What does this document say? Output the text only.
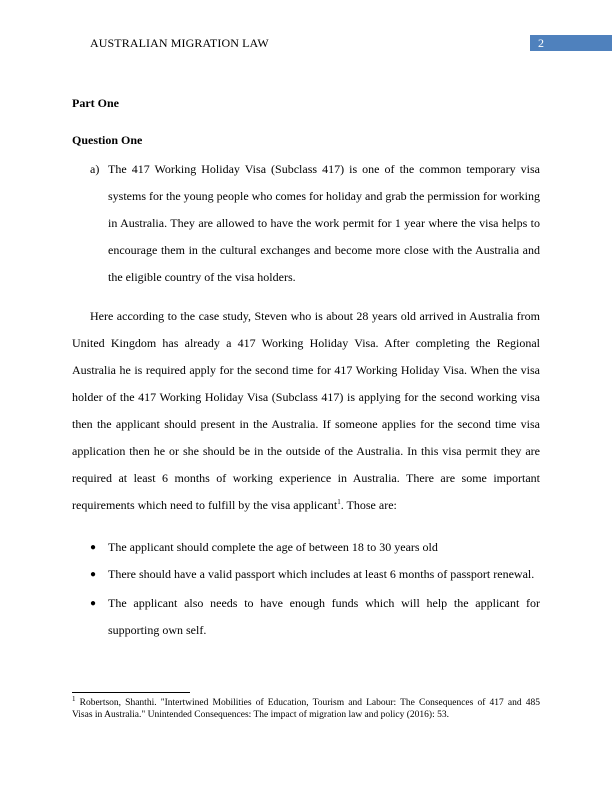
AUSTRALIAN MIGRATION LAW	2
Part One
Question One
a) The 417 Working Holiday Visa (Subclass 417) is one of the common temporary visa
systems for the young people who comes for holiday and grab the permission for working
in Australia. They are allowed to have the work permit for 1 year where the visa helps to
encourage them in the cultural exchanges and become more close with the Australia and
the eligible country of the visa holders.
Here according to the case study, Steven who is about 28 years old arrived in Australia from
United Kingdom has already a 417 Working Holiday Visa. After completing the Regional
Australia he is required apply for the second time for 417 Working Holiday Visa. When the visa
holder of the 417 Working Holiday Visa (Subclass 417) is applying for the second working visa
then the applicant should present in the Australia. If someone applies for the second time visa
application then he or she should be in the outside of the Australia. In this visa permit they are
required at least 6 months of working experience in Australia. There are some important
requirements which need to fulfill by the visa applicant$^1$. Those are:
● The applicant should complete the age of between 18 to 30 years old
● There should have a valid passport which includes at least 6 months of passport renewal.
● The applicant also needs to have enough funds which will help the applicant for
supporting own self.
$^1$ Robertson, Shanthi. "Intertwined Mobilities of Education, Tourism and Labour: The Consequences of 417 and 485
Visas in Australia." Unintended Consequences: The impact of migration law and policy (2016): 53.
